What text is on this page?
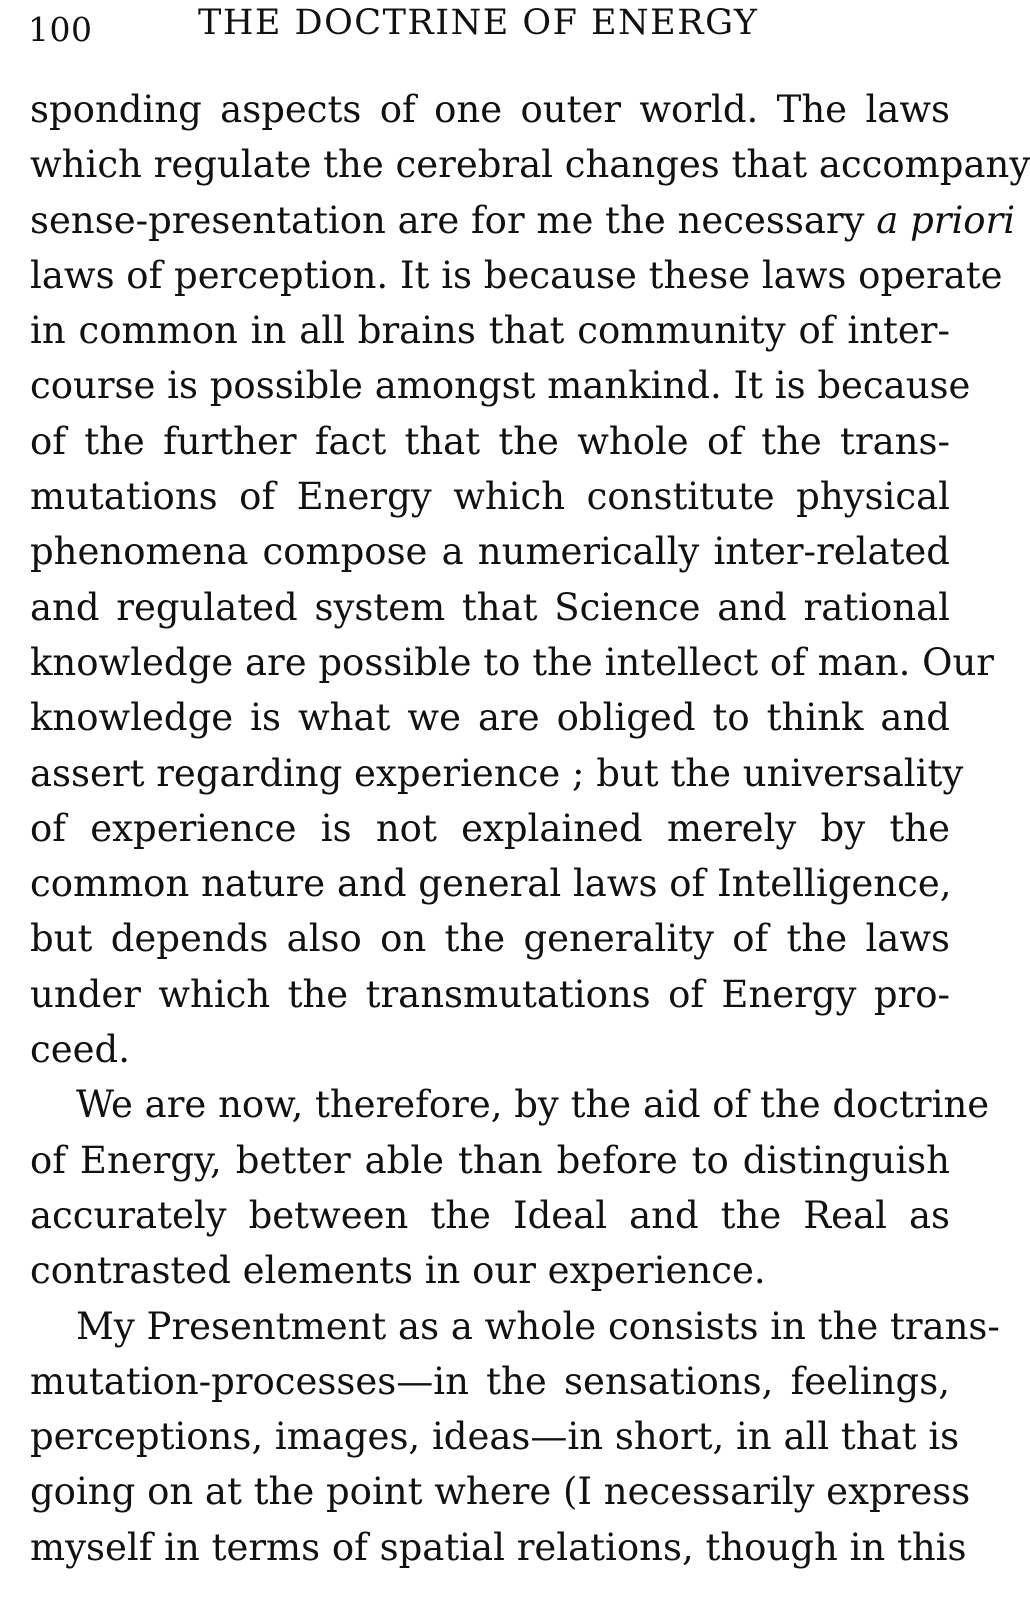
100	THE DOCTRINE OF ENERGY
sponding aspects of one outer world. The laws
which regulate the cerebral changes that accompany
sense-presentation are for me the necessary a priori
laws of perception. It is because these laws operate
in common in all brains that community of inter-
course is possible amongst mankind. It is because
of the further fact that the whole of the trans-
mutations of Energy which constitute physical
phenomena compose a numerically inter-related
and regulated system that Science and rational
knowledge are possible to the intellect of man. Our
knowledge is what we are obliged to think and
assert regarding experience ; but the universality
of experience is not explained merely by the
common nature and general laws of Intelligence,
but depends also on the generality of the laws
under which the transmutations of Energy pro-
ceed.
We are now, therefore, by the aid of the doctrine
of Energy, better able than before to distinguish
accurately between the Ideal and the Real as
contrasted elements in our experience.
My Presentment as a whole consists in the trans-
mutation-processes—in the sensations, feelings,
perceptions, images, ideas—in short, in all that is
going on at the point where (I necessarily express
myself in terms of spatial relations, though in this
